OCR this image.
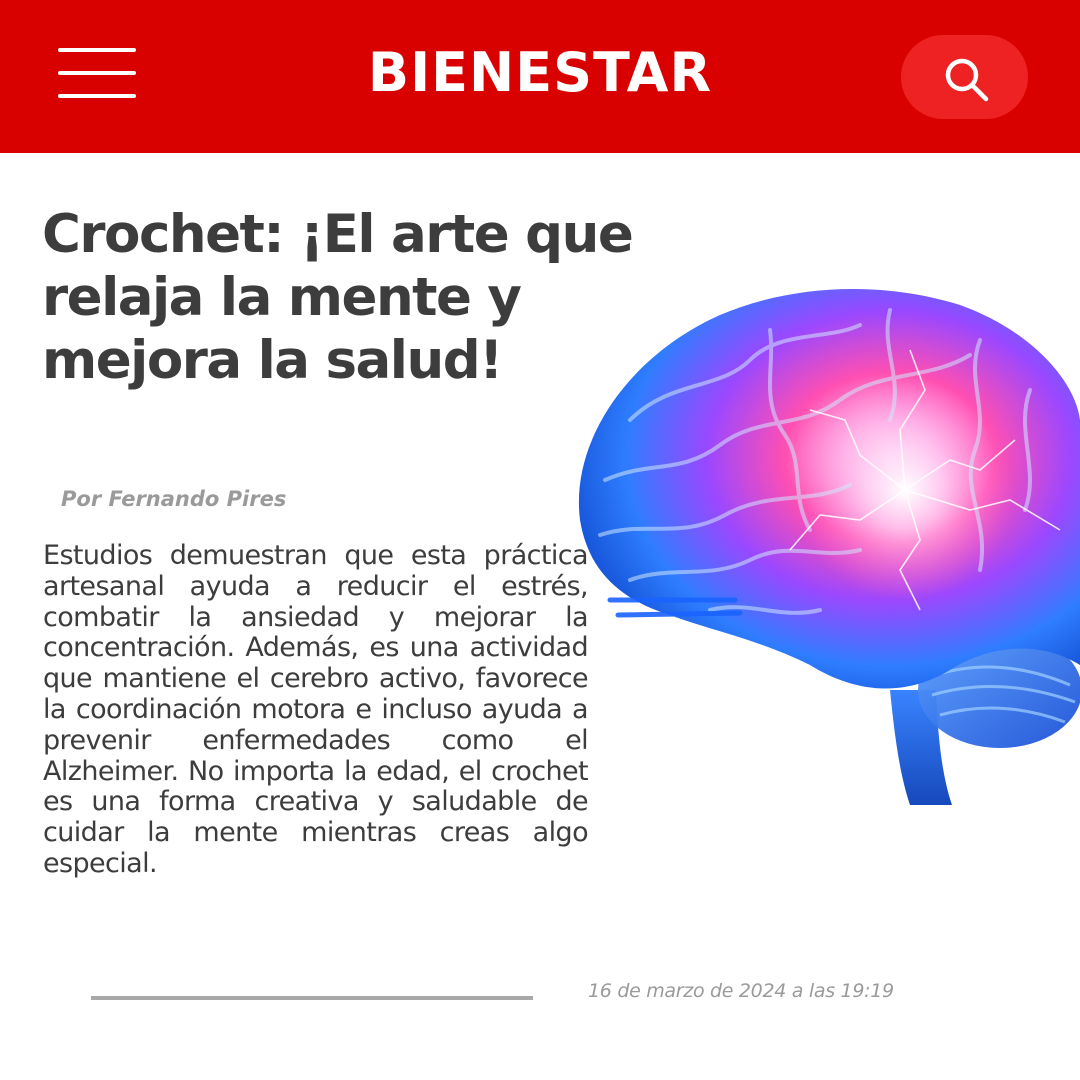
BIENESTAR
Crochet: ¡El arte que relaja la mente y mejora la salud!
Por Fernando Pires

Estudios demuestran que esta práctica artesanal ayuda a reducir el estrés, combatir la ansiedad y mejorar la concentración. Además, es una actividad que mantiene el cerebro activo, favorece la coordinación motora e incluso ayuda a prevenir enfermedades como el Alzheimer. No importa la edad, el crochet es una forma creativa y saludable de cuidar la mente mientras creas algo especial.

16 de marzo de 2024 a las 19:19
